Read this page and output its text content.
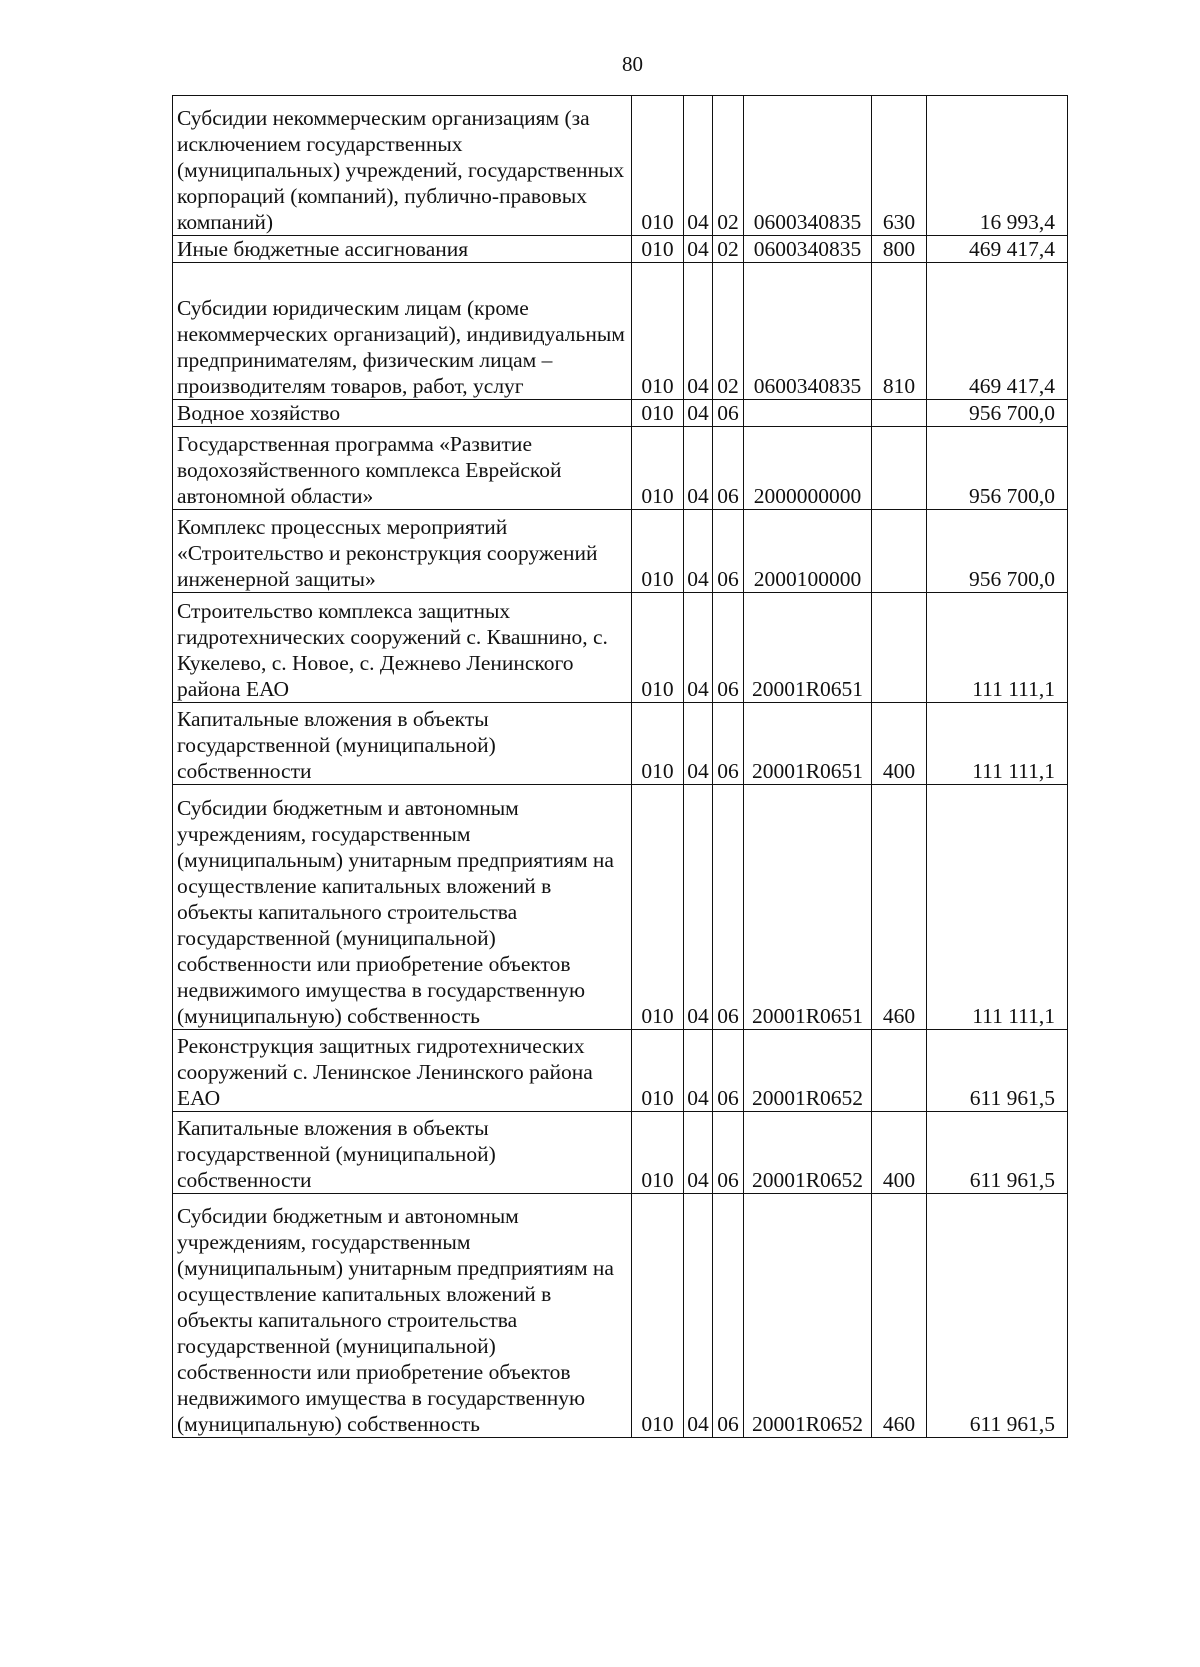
80
Субсидии некоммерческим организациям (за исключением государственных (муниципальных) учреждений, государственных корпораций (компаний), публично-правовых компаний)	010	04	02	0600340835	630	16 993,4
Иные бюджетные ассигнования	010	04	02	0600340835	800	469 417,4
Субсидии юридическим лицам (кроме некоммерческих организаций), индивидуальным предпринимателям, физическим лицам – производителям товаров, работ, услуг	010	04	02	0600340835	810	469 417,4
Водное хозяйство	010	04	06			956 700,0
Государственная программа «Развитие водохозяйственного комплекса Еврейской автономной области»	010	04	06	2000000000		956 700,0
Комплекс процессных мероприятий «Строительство и реконструкция сооружений инженерной защиты»	010	04	06	2000100000		956 700,0
Строительство комплекса защитных гидротехнических сооружений с. Квашнино, с. Кукелево, с. Новое, с. Дежнево Ленинского района ЕАО	010	04	06	20001R0651		111 111,1
Капитальные вложения в объекты государственной (муниципальной) собственности	010	04	06	20001R0651	400	111 111,1
Субсидии бюджетным и автономным учреждениям, государственным (муниципальным) унитарным предприятиям на осуществление капитальных вложений в объекты капитального строительства государственной (муниципальной) собственности или приобретение объектов недвижимого имущества в государственную (муниципальную) собственность	010	04	06	20001R0651	460	111 111,1
Реконструкция защитных гидротехнических сооружений с. Ленинское Ленинского района ЕАО	010	04	06	20001R0652		611 961,5
Капитальные вложения в объекты государственной (муниципальной) собственности	010	04	06	20001R0652	400	611 961,5
Субсидии бюджетным и автономным учреждениям, государственным (муниципальным) унитарным предприятиям на осуществление капитальных вложений в объекты капитального строительства государственной (муниципальной) собственности или приобретение объектов недвижимого имущества в государственную (муниципальную) собственность	010	04	06	20001R0652	460	611 961,5
